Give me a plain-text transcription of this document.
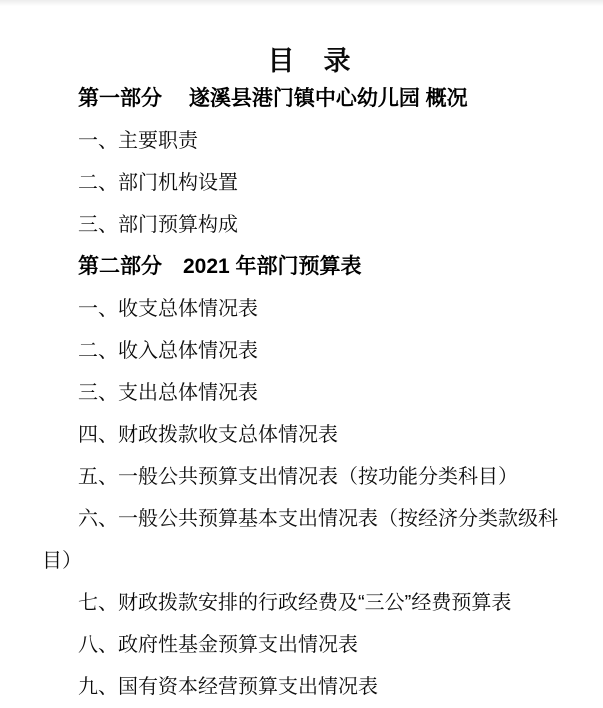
目　录

第一部分　 遂溪县港门镇中心幼儿园 概况

一、主要职责

二、部门机构设置

三、部门预算构成

第二部分　2021 年部门预算表

一、收支总体情况表

二、收入总体情况表

三、支出总体情况表

四、财政拨款收支总体情况表

五、一般公共预算支出情况表（按功能分类科目）

六、一般公共预算基本支出情况表（按经济分类款级科目）

七、财政拨款安排的行政经费及“三公”经费预算表

八、政府性基金预算支出情况表

九、国有资本经营预算支出情况表
